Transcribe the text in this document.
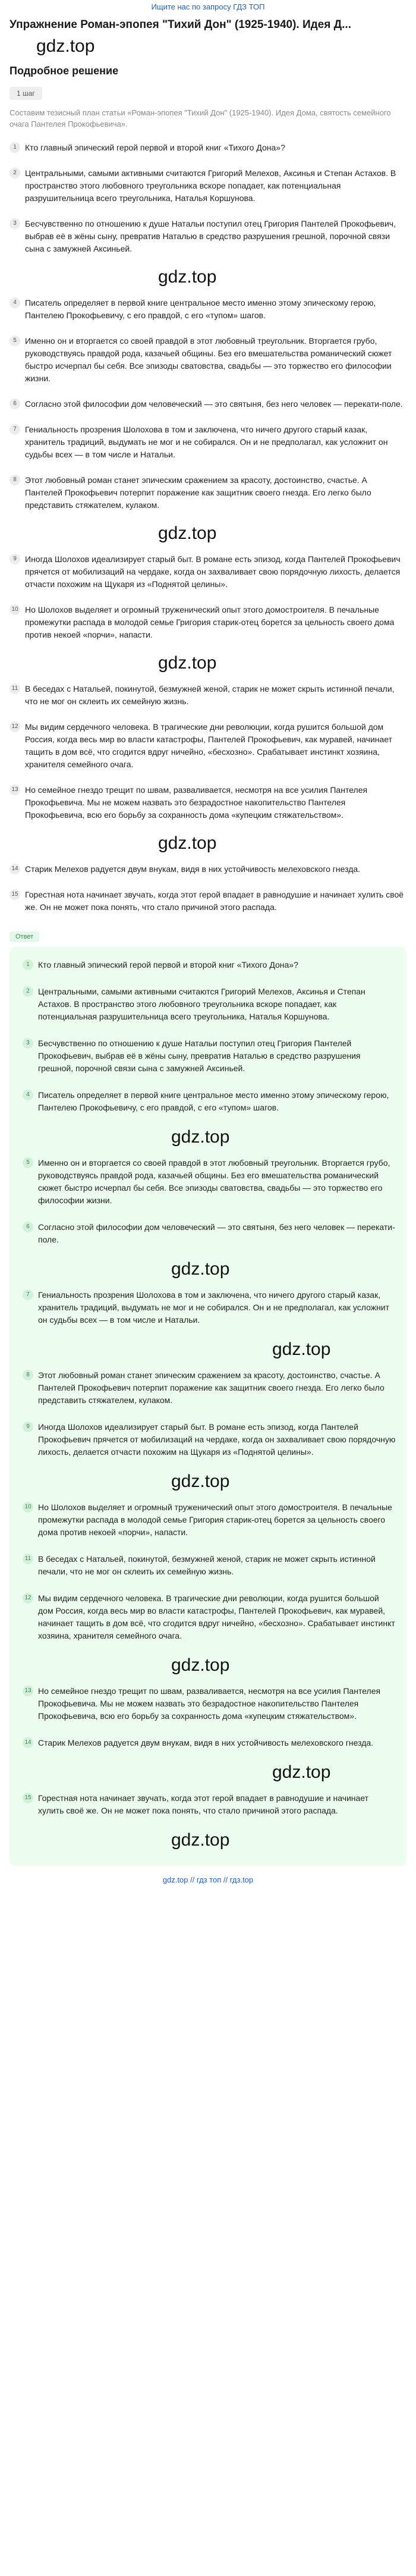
Ищите нас по запросу ГДЗ ТОП
Упражнение Роман-эпопея "Тихий Дон" (1925-1940). Идея Д...
gdz.top
Подробное решение
1 шаг
Составим тезисный план статьи «Роман-эпопея "Тихий Дон" (1925-1940). Идея Дома, святость семейного очага Пантелея Прокофьевича».
1	Кто главный эпический герой первой и второй книг «Тихого Дона»?
2	Центральными, самыми активными считаются Григорий Мелехов, Аксинья и Степан Астахов. В пространство этого любовного треугольника вскоре попадает, как потенциальная разрушительница всего треугольника, Наталья Коршунова.
3	Бесчувственно по отношению к душе Натальи поступил отец Григория Пантелей Прокофьевич, выбрав её в жёны сыну, превратив Наталью в средство разрушения грешной, порочной связи сына с замужней Аксиньей.
gdz.top
4	Писатель определяет в первой книге центральное место именно этому эпическому герою, Пантелею Прокофьевичу, с его правдой, с его «тупом» шагов.
5	Именно он и вторгается со своей правдой в этот любовный треугольник. Вторгается грубо, руководствуясь правдой рода, казачьей общины. Без его вмешательства романический сюжет быстро исчерпал бы себя. Все эпизоды сватовства, свадьбы — это торжество его философии жизни.
6	Согласно этой философии дом человеческий — это святыня, без него человек — перекати-поле.
7	Гениальность прозрения Шолохова в том и заключена, что ничего другого старый казак, хранитель традиций, выдумать не мог и не собирался. Он и не предполагал, как усложнит он судьбы всех — в том числе и Натальи.
8	Этот любовный роман станет эпическим сражением за красоту, достоинство, счастье. А Пантелей Прокофьевич потерпит поражение как защитник своего гнезда. Его легко было представить стяжателем, кулаком.
gdz.top
9	Иногда Шолохов идеализирует старый быт. В романе есть эпизод, когда Пантелей Прокофьевич прячется от мобилизаций на чердаке, когда он захваливает свою порядочную лихость, делается отчасти похожим на Щукаря из «Поднятой целины».
10 Но Шолохов выделяет и огромный труженический опыт этого домостроителя. В печальные промежутки распада в молодой семье Григория старик-отец борется за цельность своего дома против некоей «порчи», напасти.
gdz.top
11 В беседах с Натальей, покинутой, безмужней женой, старик не может скрыть истинной печали, что не мог он склеить их семейную жизнь.
12 Мы видим сердечного человека. В трагические дни революции, когда рушится большой дом Россия, когда весь мир во власти катастрофы, Пантелей Прокофьевич, как муравей, начинает тащить в дом всё, что сгодится вдруг ничейно, «бесхозно». Срабатывает инстинкт хозяина, хранителя семейного очага.
13 Но семейное гнездо трещит по швам, разваливается, несмотря на все усилия Пантелея Прокофьевича. Мы не можем назвать это безрадостное накопительство Пантелея Прокофьевича, всю его борьбу за сохранность дома «купецким стяжательством».
gdz.top
14 Старик Мелехов радуется двум внукам, видя в них устойчивость мелеховского гнезда.
15 Горестная нота начинает звучать, когда этот герой впадает в равнодушие и начинает хулить своё же. Он не может пока понять, что стало причиной этого распада.
Ответ
1	Кто главный эпический герой первой и второй книг «Тихого Дона»?
2	Центральными, самыми активными считаются Григорий Мелехов, Аксинья и Степан Астахов. В пространство этого любовного треугольника вскоре попадает, как потенциальная разрушительница всего треугольника, Наталья Коршунова.
3	Бесчувственно по отношению к душе Натальи поступил отец Григория Пантелей Прокофьевич, выбрав её в жёны сыну, превратив Наталью в средство разрушения грешной, порочной связи сына с замужней Аксиньей.
4	Писатель определяет в первой книге центральное место именно этому эпическому герою, Пантелею Прокофьевичу, с его правдой, с его «тупом» шагов.
gdz.top
5	Именно он и вторгается со своей правдой в этот любовный треугольник. Вторгается грубо, руководствуясь правдой рода, казачьей общины. Без его вмешательства романический сюжет быстро исчерпал бы себя. Все эпизоды сватовства, свадьбы — это торжество его философии жизни.
6	Согласно этой философии дом человеческий — это святыня, без него человек — перекати-поле.
gdz.top
7	Гениальность прозрения Шолохова в том и заключена, что ничего другого старый казак, хранитель традиций, выдумать не мог и не собирался. Он и не предполагал, как усложнит он судьбы всех — в том числе и Натальи.
gdz.top
8	Этот любовный роман станет эпическим сражением за красоту, достоинство, счастье. А Пантелей Прокофьевич потерпит поражение как защитник своего гнезда. Его легко было представить стяжателем, кулаком.
9	Иногда Шолохов идеализирует старый быт. В романе есть эпизод, когда Пантелей Прокофьевич прячется от мобилизаций на чердаке, когда он захваливает свою порядочную лихость, делается отчасти похожим на Щукаря из «Поднятой целины».
gdz.top
10 Но Шолохов выделяет и огромный труженический опыт этого домостроителя. В печальные промежутки распада в молодой семье Григория старик-отец борется за цельность своего дома против некоей «порчи», напасти.
11 В беседах с Натальей, покинутой, безмужней женой, старик не может скрыть истинной печали, что не мог он склеить их семейную жизнь.
12 Мы видим сердечного человека. В трагические дни революции, когда рушится большой дом Россия, когда весь мир во власти катастрофы, Пантелей Прокофьевич, как муравей, начинает тащить в дом всё, что сгодится вдруг ничейно, «бесхозно». Срабатывает инстинкт хозяина, хранителя семейного очага.
gdz.top
13 Но семейное гнездо трещит по швам, разваливается, несмотря на все усилия Пантелея Прокофьевича. Мы не можем назвать это безрадостное накопительство Пантелея Прокофьевича, всю его борьбу за сохранность дома «купецким стяжательством».
14 Старик Мелехов радуется двум внукам, видя в них устойчивость мелеховского гнезда.
gdz.top
15 Горестная нота начинает звучать, когда этот герой впадает в равнодушие и начинает хулить своё же. Он не может пока понять, что стало причиной этого распада.
gdz.top
gdz.top // гдз топ // гдз.top
